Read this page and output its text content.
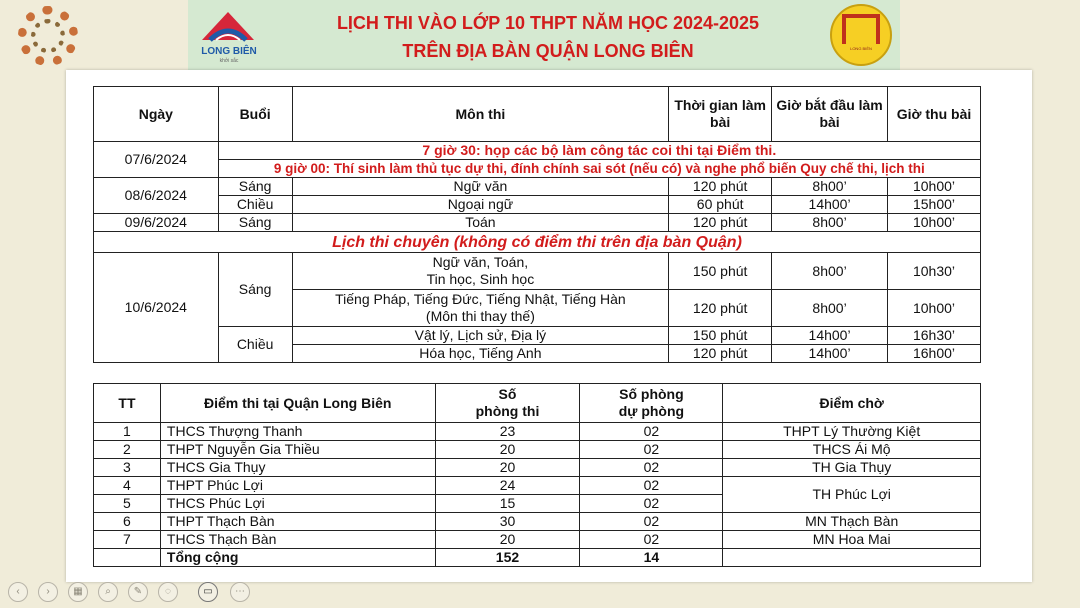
LONG BIÊN
khởi sắc
LỊCH THI VÀO LỚP 10 THPT NĂM HỌC 2024-2025
TRÊN ĐỊA BÀN QUẬN LONG BIÊN	LONG BIÊN
Ngày	Buổi	Môn thi	Thời gian làm bài	Giờ bắt đầu làm bài	Giờ thu bài
07/6/2024	7 giờ 30: họp các bộ làm công tác coi thi tại Điểm thi.				
	9 giờ 00: Thí sinh làm thủ tục dự thi, đính chính sai sót (nếu có) và nghe phổ biến Quy chế thi, lịch thi				
08/6/2024	Sáng	Ngữ văn	120 phút	8h00’	10h00’
	Chiều	Ngoại ngữ	60 phút	14h00’	15h00’
09/6/2024	Sáng	Toán	120 phút	8h00’	10h00’
Lịch thi chuyên (không có điểm thi trên địa bàn Quận)					
10/6/2024	Sáng	Ngữ văn, Toán,
Tin học, Sinh học	150 phút	8h00’	10h30’

		Tiếng Pháp, Tiếng Đức, Tiếng Nhật, Tiếng Hàn
(Môn thi thay thế)	120 phút	8h00’	10h00’
	Chiều	Vật lý, Lịch sử, Địa lý	150 phút	14h00’	16h30’
		Hóa học, Tiếng Anh	120 phút	14h00’	16h00’
TT	Điểm thi tại Quận Long Biên	Số phòng thi	Số phòng dự phòng	Điểm chờ
1	THCS Thượng Thanh	23	02	THPT Lý Thường Kiệt
2	THPT Nguyễn Gia Thiều	20	02	THCS Ái Mộ
3	THCS Gia Thụy	20	02	TH Gia Thụy
4	THPT Phúc Lợi	24	02	TH Phúc Lợi
5	THCS Phúc Lợi	15	02	
6	THPT Thạch Bàn	30	02	MN Thạch Bàn
7	THCS Thạch Bàn	20	02	MN Hoa Mai
	Tổng cộng	152	14	
‹	›	▦	⌕	✎	◌	▭	⋯
